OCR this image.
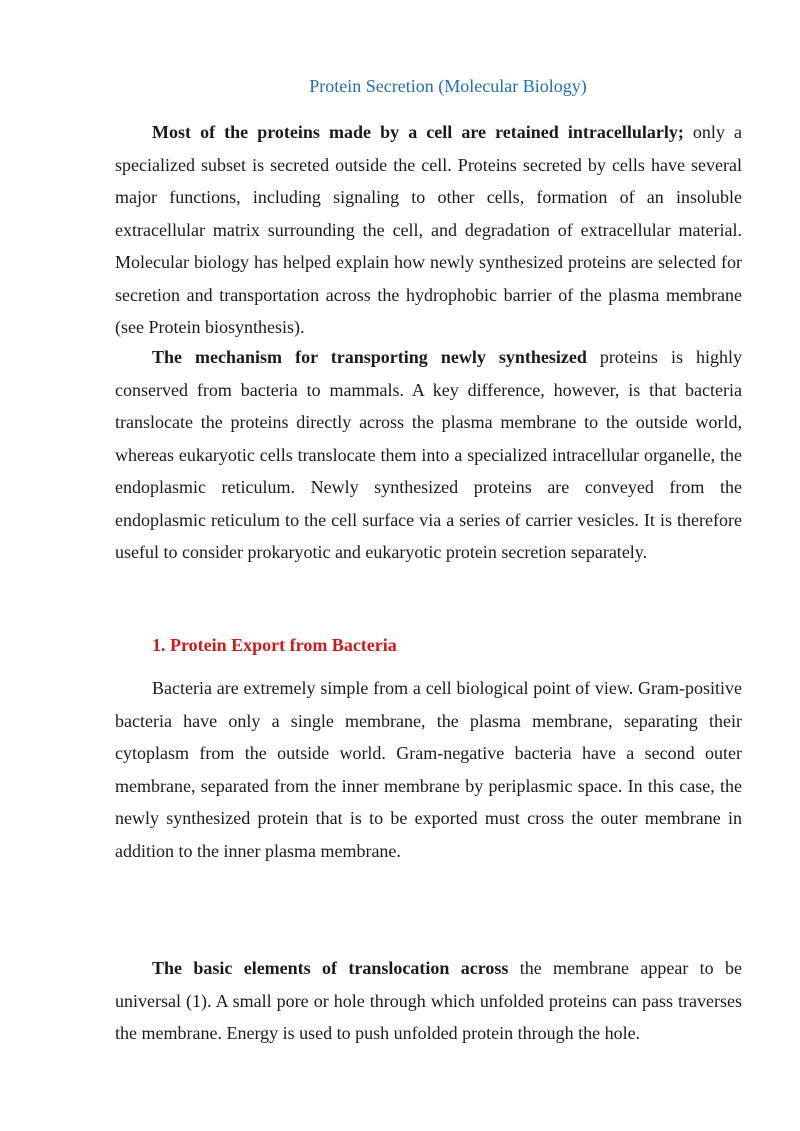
Protein Secretion (Molecular Biology)

Most of the proteins made by a cell are retained intracellularly; only a specialized subset is secreted outside the cell. Proteins secreted by cells have several major functions, including signaling to other cells, formation of an insoluble extracellular matrix surrounding the cell, and degradation of extracellular material. Molecular biology has helped explain how newly synthesized proteins are selected for secretion and transportation across the hydrophobic barrier of the plasma membrane (see Protein biosynthesis).

The mechanism for transporting newly synthesized proteins is highly conserved from bacteria to mammals. A key difference, however, is that bacteria translocate the proteins directly across the plasma membrane to the outside world, whereas eukaryotic cells translocate them into a specialized intracellular organelle, the endoplasmic reticulum. Newly synthesized proteins are conveyed from the endoplasmic reticulum to the cell surface via a series of carrier vesicles. It is therefore useful to consider prokaryotic and eukaryotic protein secretion separately.

1. Protein Export from Bacteria

Bacteria are extremely simple from a cell biological point of view. Gram-positive bacteria have only a single membrane, the plasma membrane, separating their cytoplasm from the outside world. Gram-negative bacteria have a second outer membrane, separated from the inner membrane by periplasmic space. In this case, the newly synthesized protein that is to be exported must cross the outer membrane in addition to the inner plasma membrane.

The basic elements of translocation across the membrane appear to be universal (1). A small pore or hole through which unfolded proteins can pass traverses the membrane. Energy is used to push unfolded protein through the hole.
